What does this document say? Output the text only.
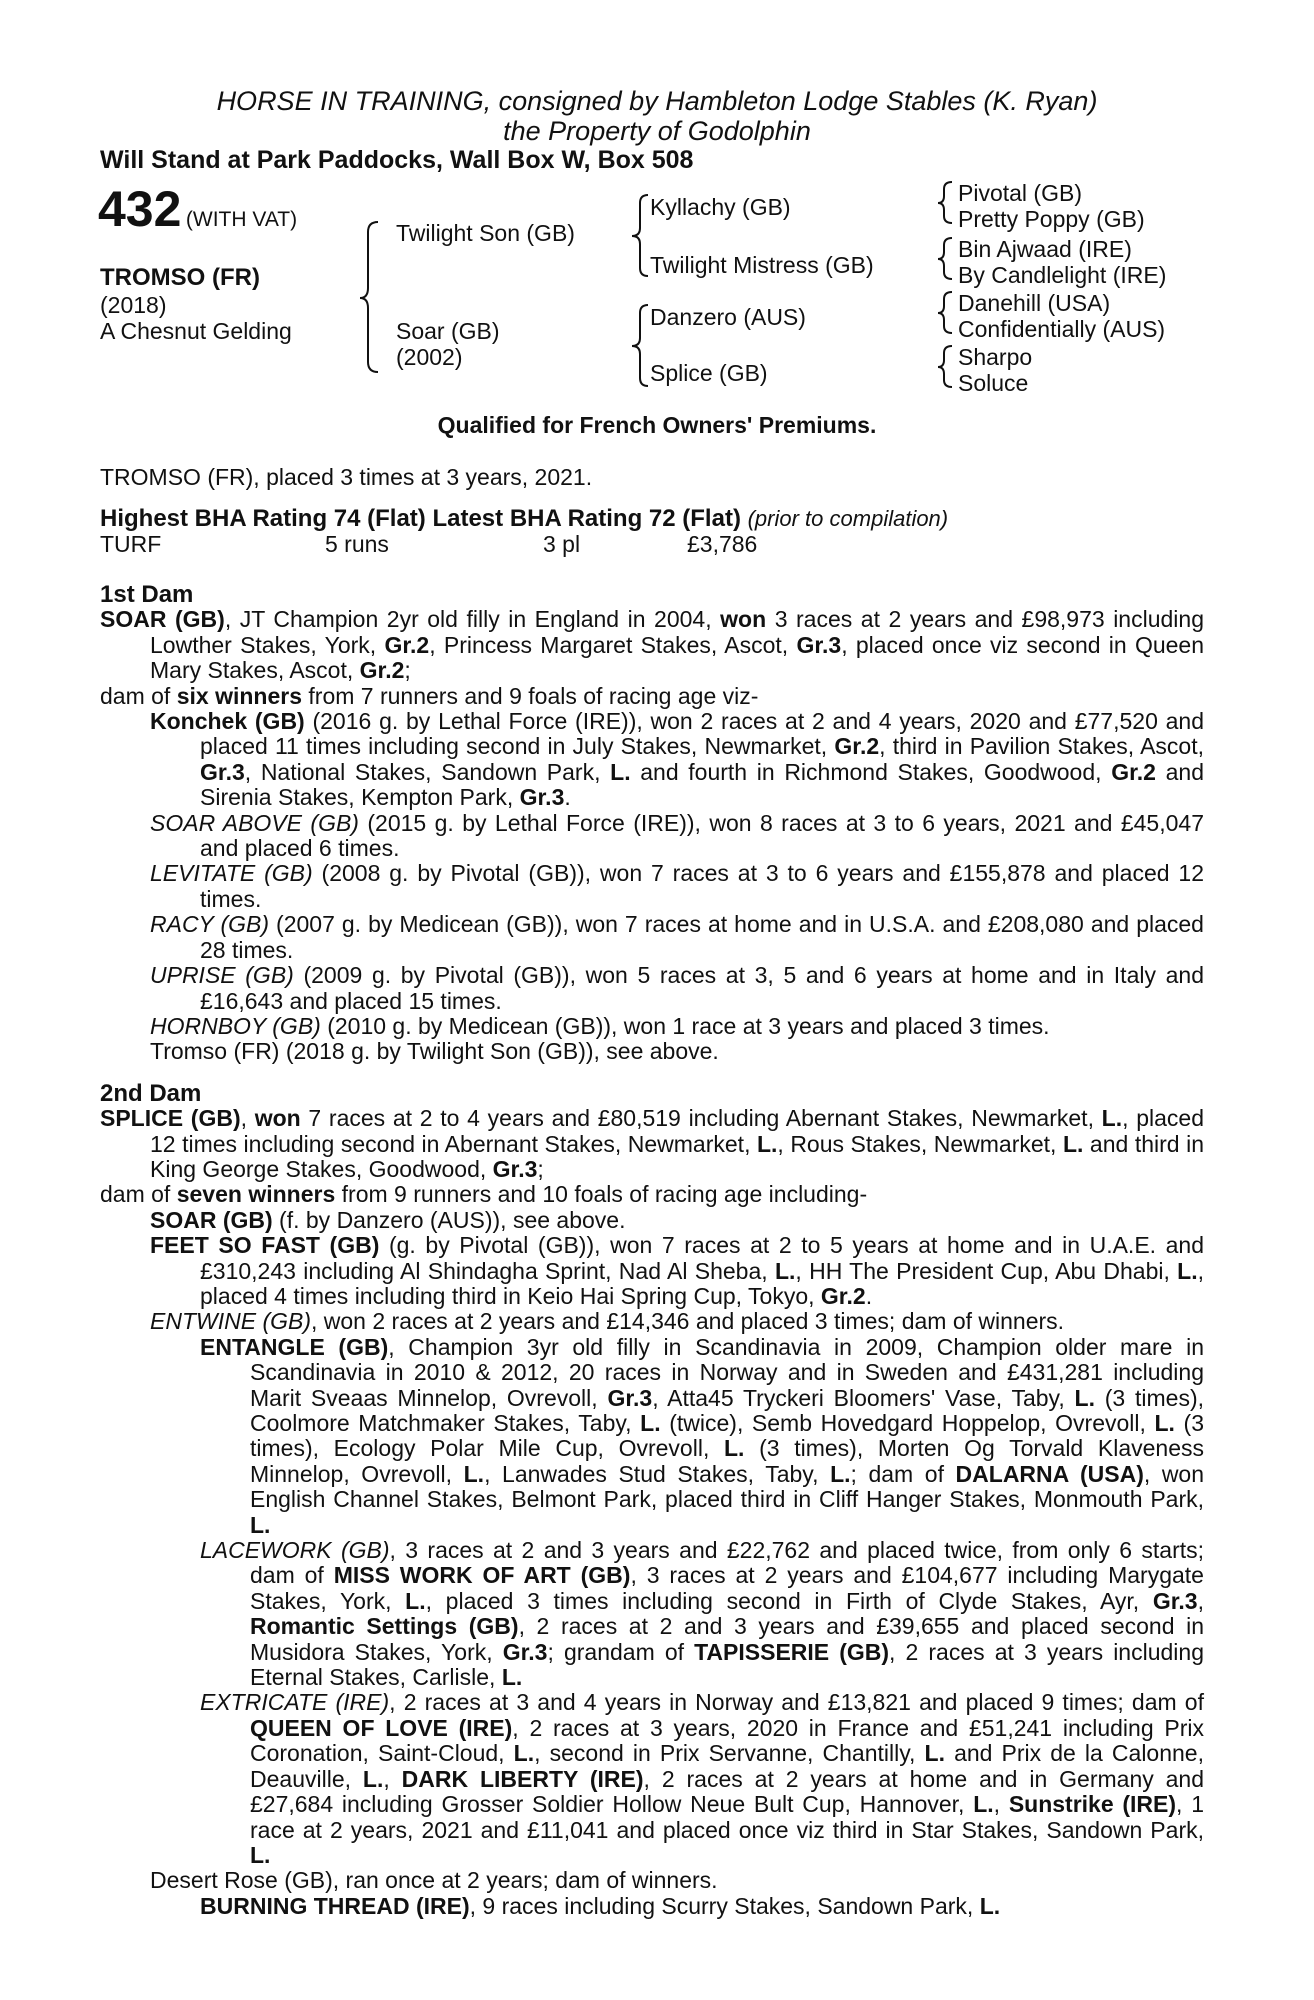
HORSE IN TRAINING, consigned by Hambleton Lodge Stables (K. Ryan)
the Property of Godolphin
Will Stand at Park Paddocks, Wall Box W, Box 508
432 (WITH VAT)
TROMSO (FR)
(2018)
A Chesnut Gelding
Twilight Son (GB)
Soar (GB)
(2002)
Kyllachy (GB)
Twilight Mistress (GB)
Danzero (AUS)
Splice (GB)
Pivotal (GB)
Pretty Poppy (GB)
Bin Ajwaad (IRE)
By Candlelight (IRE)
Danehill (USA)
Confidentially (AUS)
Sharpo
Soluce
Qualified for French Owners' Premiums.
TROMSO (FR), placed 3 times at 3 years, 2021.
Highest BHA Rating 74 (Flat) Latest BHA Rating 72 (Flat) (prior to compilation)
TURF	5 runs	3 pl	£3,786

1st Dam

SOAR (GB), JT Champion 2yr old filly in England in 2004, won 3 races at 2 years and £98,973 including Lowther Stakes, York, Gr.2, Princess Margaret Stakes, Ascot, Gr.3, placed once viz second in Queen Mary Stakes, Ascot, Gr.2;

dam of six winners from 7 runners and 9 foals of racing age viz-

Konchek (GB) (2016 g. by Lethal Force (IRE)), won 2 races at 2 and 4 years, 2020 and £77,520 and placed 11 times including second in July Stakes, Newmarket, Gr.2, third in Pavilion Stakes, Ascot, Gr.3, National Stakes, Sandown Park, L. and fourth in Richmond Stakes, Goodwood, Gr.2 and Sirenia Stakes, Kempton Park, Gr.3.

SOAR ABOVE (GB) (2015 g. by Lethal Force (IRE)), won 8 races at 3 to 6 years, 2021 and £45,047 and placed 6 times.

LEVITATE (GB) (2008 g. by Pivotal (GB)), won 7 races at 3 to 6 years and £155,878 and placed 12 times.

RACY (GB) (2007 g. by Medicean (GB)), won 7 races at home and in U.S.A. and £208,080 and placed 28 times.

UPRISE (GB) (2009 g. by Pivotal (GB)), won 5 races at 3, 5 and 6 years at home and in Italy and £16,643 and placed 15 times.

HORNBOY (GB) (2010 g. by Medicean (GB)), won 1 race at 3 years and placed 3 times.

Tromso (FR) (2018 g. by Twilight Son (GB)), see above.

2nd Dam

SPLICE (GB), won 7 races at 2 to 4 years and £80,519 including Abernant Stakes, Newmarket, L., placed 12 times including second in Abernant Stakes, Newmarket, L., Rous Stakes, Newmarket, L. and third in King George Stakes, Goodwood, Gr.3;

dam of seven winners from 9 runners and 10 foals of racing age including-

SOAR (GB) (f. by Danzero (AUS)), see above.

FEET SO FAST (GB) (g. by Pivotal (GB)), won 7 races at 2 to 5 years at home and in U.A.E. and £310,243 including Al Shindagha Sprint, Nad Al Sheba, L., HH The President Cup, Abu Dhabi, L., placed 4 times including third in Keio Hai Spring Cup, Tokyo, Gr.2.

ENTWINE (GB), won 2 races at 2 years and £14,346 and placed 3 times; dam of winners.

ENTANGLE (GB), Champion 3yr old filly in Scandinavia in 2009, Champion older mare in Scandinavia in 2010 & 2012, 20 races in Norway and in Sweden and £431,281 including Marit Sveaas Minnelop, Ovrevoll, Gr.3, Atta45 Tryckeri Bloomers' Vase, Taby, L. (3 times), Coolmore Matchmaker Stakes, Taby, L. (twice), Semb Hovedgard Hoppelop, Ovrevoll, L. (3 times), Ecology Polar Mile Cup, Ovrevoll, L. (3 times), Morten Og Torvald Klaveness Minnelop, Ovrevoll, L., Lanwades Stud Stakes, Taby, L.; dam of DALARNA (USA), won English Channel Stakes, Belmont Park, placed third in Cliff Hanger Stakes, Monmouth Park, L.

LACEWORK (GB), 3 races at 2 and 3 years and £22,762 and placed twice, from only 6 starts; dam of MISS WORK OF ART (GB), 3 races at 2 years and £104,677 including Marygate Stakes, York, L., placed 3 times including second in Firth of Clyde Stakes, Ayr, Gr.3, Romantic Settings (GB), 2 races at 2 and 3 years and £39,655 and placed second in Musidora Stakes, York, Gr.3; grandam of TAPISSERIE (GB), 2 races at 3 years including Eternal Stakes, Carlisle, L.

EXTRICATE (IRE), 2 races at 3 and 4 years in Norway and £13,821 and placed 9 times; dam of QUEEN OF LOVE (IRE), 2 races at 3 years, 2020 in France and £51,241 including Prix Coronation, Saint-Cloud, L., second in Prix Servanne, Chantilly, L. and Prix de la Calonne, Deauville, L., DARK LIBERTY (IRE), 2 races at 2 years at home and in Germany and £27,684 including Grosser Soldier Hollow Neue Bult Cup, Hannover, L., Sunstrike (IRE), 1 race at 2 years, 2021 and £11,041 and placed once viz third in Star Stakes, Sandown Park, L.

Desert Rose (GB), ran once at 2 years; dam of winners.

BURNING THREAD (IRE), 9 races including Scurry Stakes, Sandown Park, L.
